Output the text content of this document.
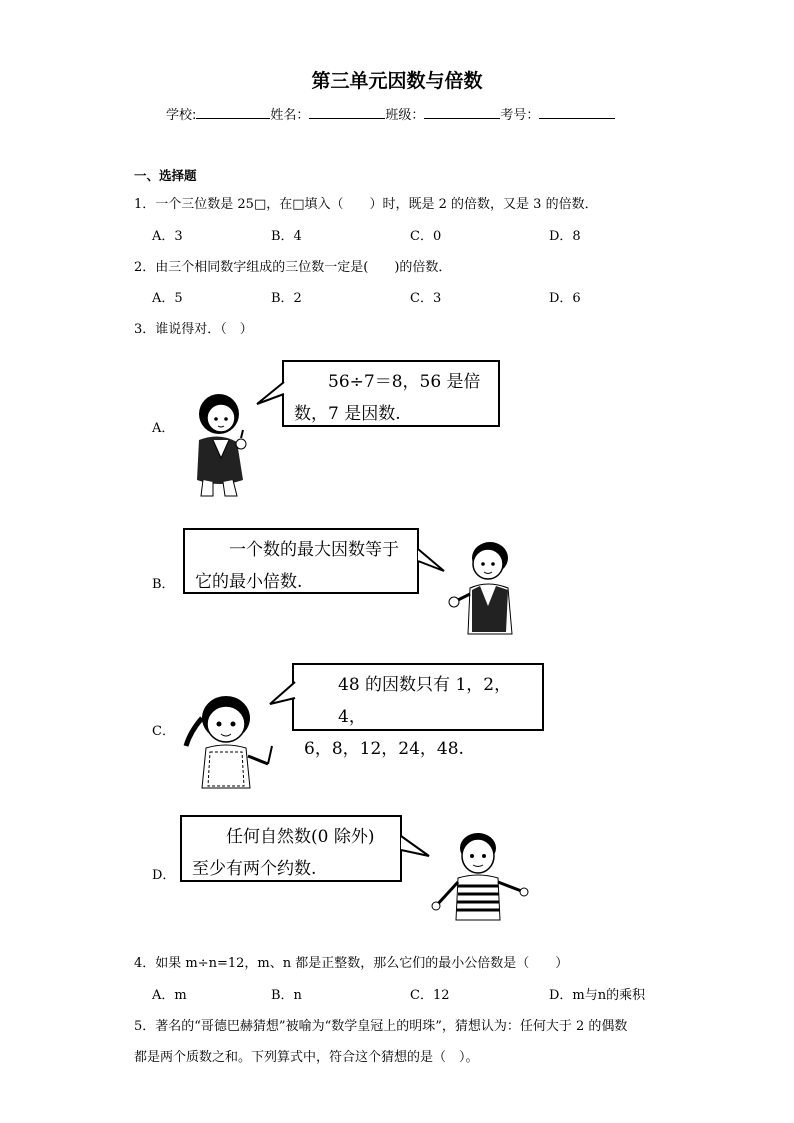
第三单元因数与倍数
学校:	姓名：	班级：	考号：
一、选择题
1．一个三位数是 25□，在□填入（　　）时，既是 2 的倍数，又是 3 的倍数．
A．3	B．4	C．0	D．8
2．由三个相同数字组成的三位数一定是(　　)的倍数．
A．5	B．2	C．3	D．6
3．谁说得对．（　）
A．
56÷7＝8，56 是倍
数，7 是因数.
B．
一个数的最大因数等于
它的最小倍数.
C．
48 的因数只有 1，2，4，
6，8，12，24，48.
D．
任何自然数(0 除外)
至少有两个约数.
4．如果 m÷n=12，m、n 都是正整数，那么它们的最小公倍数是（　　）
A．m	B．n	C．12	D．m与n的乘积
5．著名的“哥德巴赫猜想”被喻为“数学皇冠上的明珠”，猜想认为：任何大于 2 的偶数
都是两个质数之和。下列算式中，符合这个猜想的是（　）。
